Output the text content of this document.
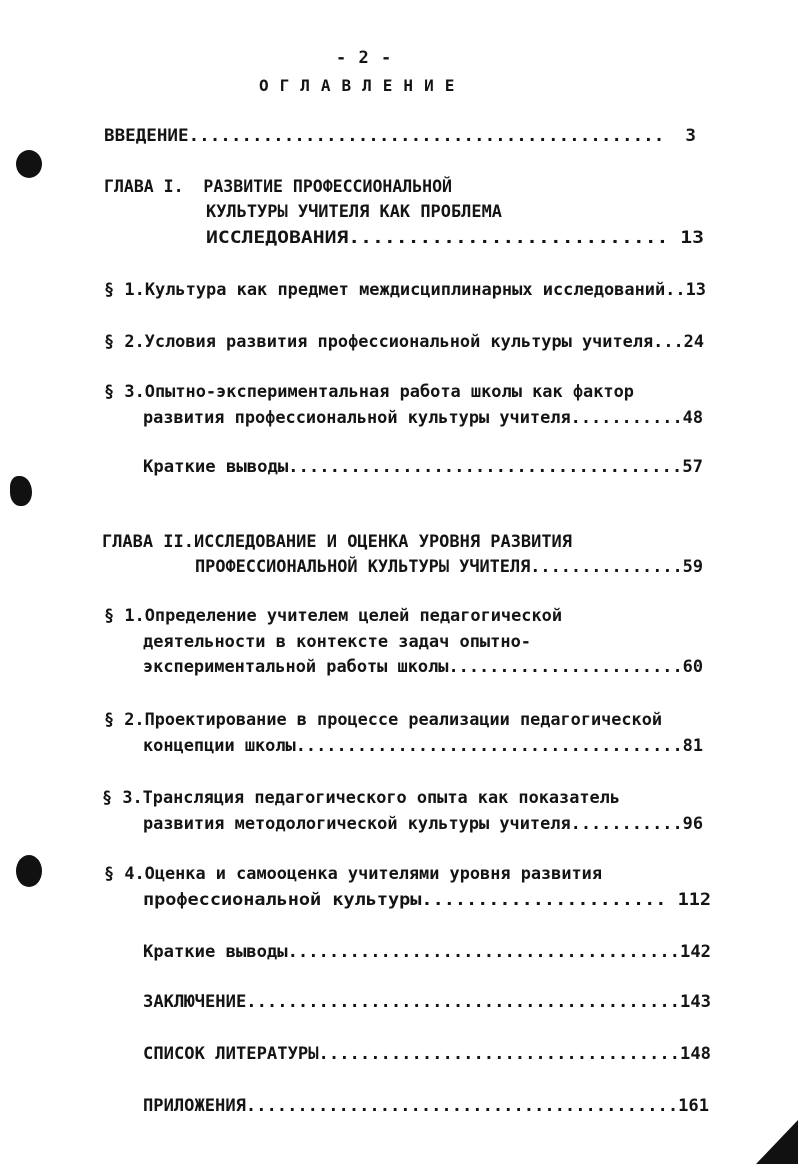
- 2 -
ОГЛАВЛЕНИЕ
ВВЕДЕНИЕ.............................................  3
ГЛАВА I.  РАЗВИТИЕ ПРОФЕССИОНАЛЬНОЙ
КУЛЬТУРЫ УЧИТЕЛЯ КАК ПРОБЛЕМА
ИССЛЕДОВАНИЯ........................... 13
§ 1.Культура как предмет междисциплинарных исследований..13
§ 2.Условия развития профессиональной культуры учителя...24
§ 3.Опытно-экспериментальная работа школы как фактор
развития профессиональной культуры учителя...........48
Краткие выводы......................................57
ГЛАВА II.ИССЛЕДОВАНИЕ И ОЦЕНКА УРОВНЯ РАЗВИТИЯ
ПРОФЕССИОНАЛЬНОЙ КУЛЬТУРЫ УЧИТЕЛЯ...............59
§ 1.Определение учителем целей педагогической
деятельности в контексте задач опытно-
экспериментальной работы школы.......................60
§ 2.Проектирование в процессе реализации педагогической
концепции школы......................................81
§ 3.Трансляция педагогического опыта как показатель
развития методологической культуры учителя...........96
§ 4.Оценка и самооценка учителями уровня развития
профессиональной культуры...................... 112
Краткие выводы......................................142
ЗАКЛЮЧЕНИЕ..........................................143
СПИСОК ЛИТЕРАТУРЫ...................................148
ПРИЛОЖЕНИЯ..........................................161
